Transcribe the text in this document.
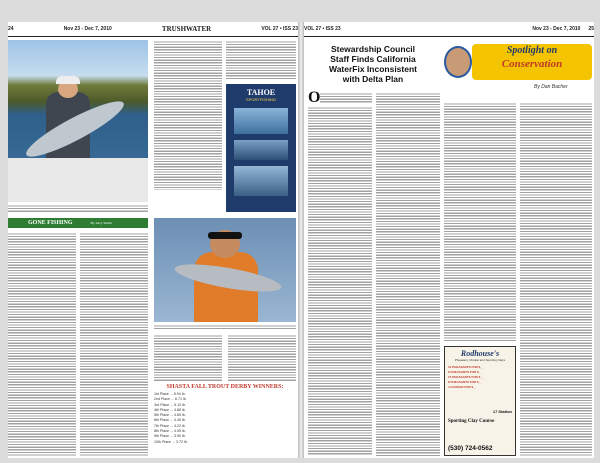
24	Nov 23 - Dec 7, 2010	TRUSHWATER	VOL 27 • ISS 23
TAHOE
SPORTFISHING
GONE FISHING	By Jerry Smith
SHASTA FALL TROUT DERBY WINNERS:
1st Place ... 8.94 lb.
2nd Place ... 6.71 lb.
3rd Place ... 5.12 lb.
4th Place ... 4.88 lb.
5th Place ... 4.65 lb.
6th Place ... 4.40 lb.
7th Place ... 4.22 lb.
8th Place ... 4.05 lb.
9th Place ... 3.90 lb.
10th Place ... 3.72 lb.
VOL 27 • ISS 23	Nov 23 - Dec 7, 2010 25
Stewardship Council
Staff Finds California
WaterFix Inconsistent
with Delta Plan
Spotlight on
Conservation
By Dan Bacher
O
Rodhouse's
Pheasant, Chukar and Sporting Clays
10 PHEASANTS FOR $__
6 PHEASANTS FOR $__
15 PHEASANTS FOR $__
8 PHEASANTS FOR $__
4 CHUKAR FOR $__
17 Station
Sporting Clay Course
(530) 724-0562
